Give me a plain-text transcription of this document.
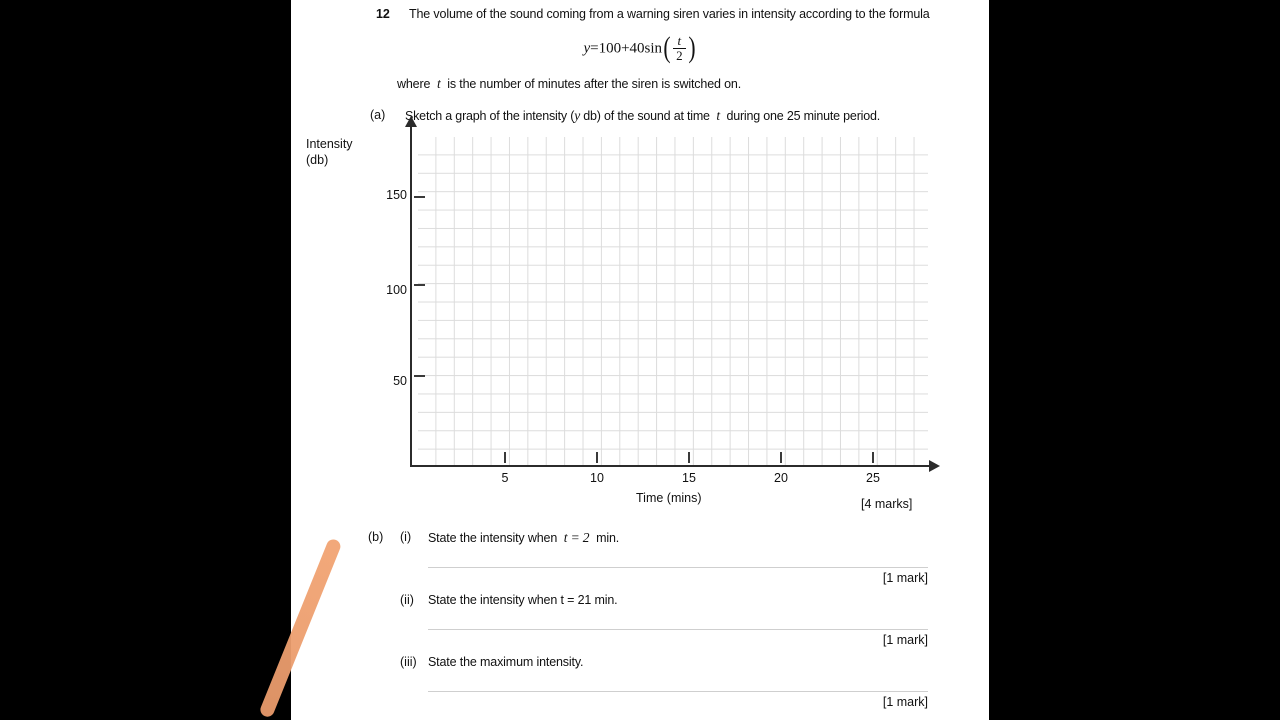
12 The volume of the sound coming from a warning siren varies in intensity according to the formula
$y=100+40\sin( \frac{t}{2}$ )
where t is the number of minutes after the siren is switched on.
(a) Sketch a graph of the intensity (y db) of the sound at time t during one 25 minute period.
Intensity
(db)
150
100
50
5	10	15	20	25
Time (mins)	[4 marks]
(b) (i) State the intensity when t = 2 min.
[1 mark]
(ii) State the intensity when t = 21 min.
[1 mark]
(iii) State the maximum intensity.
[1 mark]
